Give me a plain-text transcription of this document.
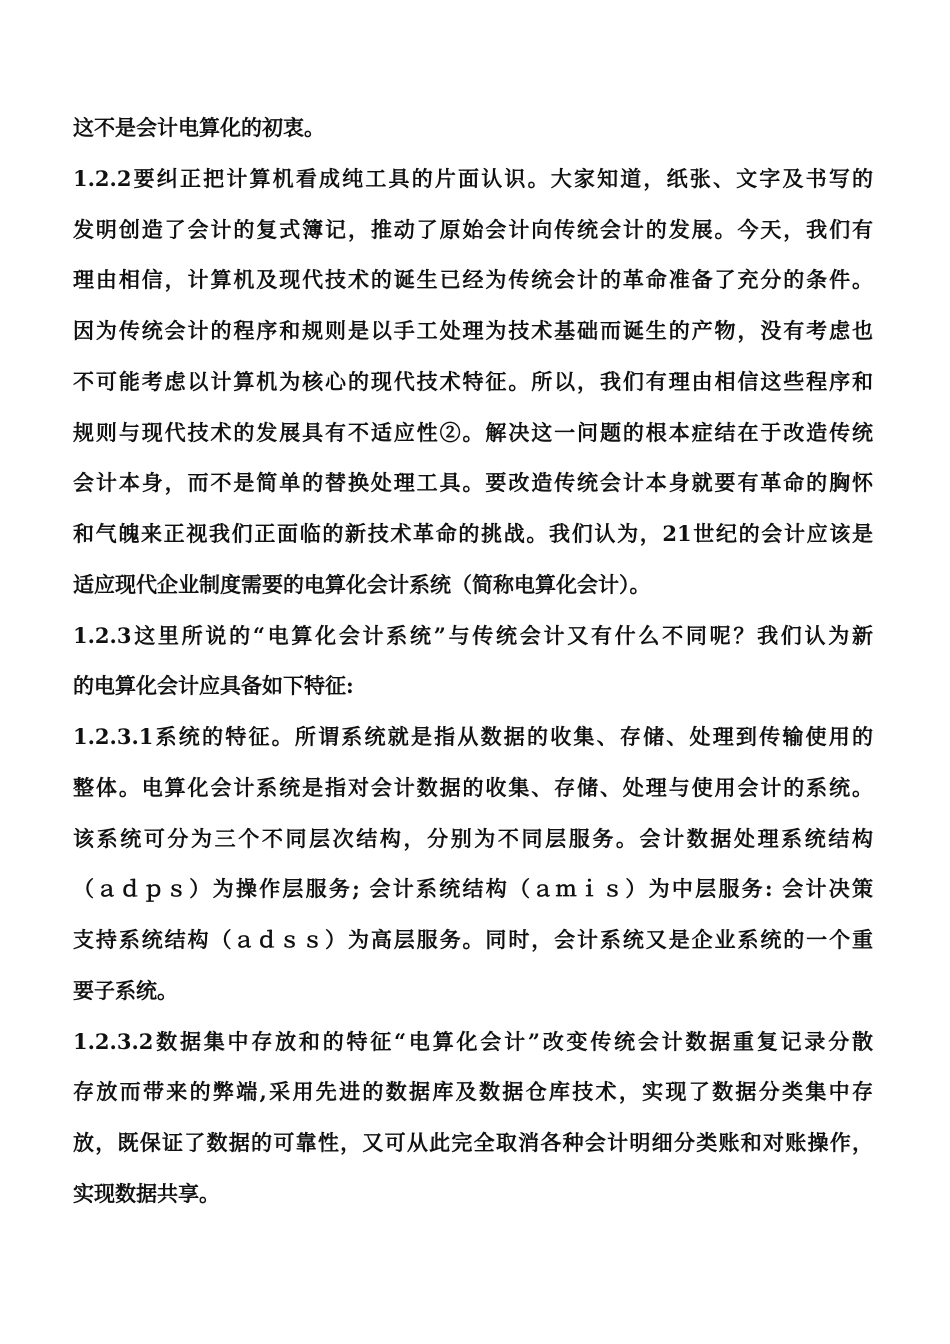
这不是会计电算化的初衷。
1.2.2要纠正把计算机看成纯工具的片面认识。大家知道，纸张、文字及书写的
发明创造了会计的复式簿记，推动了原始会计向传统会计的发展。今天，我们有
理由相信，计算机及现代技术的诞生已经为传统会计的革命准备了充分的条件。
因为传统会计的程序和规则是以手工处理为技术基础而诞生的产物，没有考虑也
不可能考虑以计算机为核心的现代技术特征。所以，我们有理由相信这些程序和
规则与现代技术的发展具有不适应性②。解决这一问题的根本症结在于改造传统
会计本身，而不是简单的替换处理工具。要改造传统会计本身就要有革命的胸怀
和气魄来正视我们正面临的新技术革命的挑战。我们认为，21世纪的会计应该是
适应现代企业制度需要的电算化会计系统（简称电算化会计）。
1.2.3这里所说的“电算化会计系统”与传统会计又有什么不同呢？我们认为新
的电算化会计应具备如下特征:
1.2.3.1系统的特征。所谓系统就是指从数据的收集、存储、处理到传输使用的
整体。电算化会计系统是指对会计数据的收集、存储、处理与使用会计的系统。
该系统可分为三个不同层次结构，分别为不同层服务。会计数据处理系统结构
（ａｄｐｓ）为操作层服务; 会计系统结构（ａｍｉｓ）为中层服务: 会计决策
支持系统结构（ａｄｓｓ）为高层服务。同时，会计系统又是企业系统的一个重
要子系统。
1.2.3.2数据集中存放和的特征“电算化会计”改变传统会计数据重复记录分散
存放而带来的弊端,采用先进的数据库及数据仓库技术，实现了数据分类集中存
放，既保证了数据的可靠性，又可从此完全取消各种会计明细分类账和对账操作，
实现数据共享。
